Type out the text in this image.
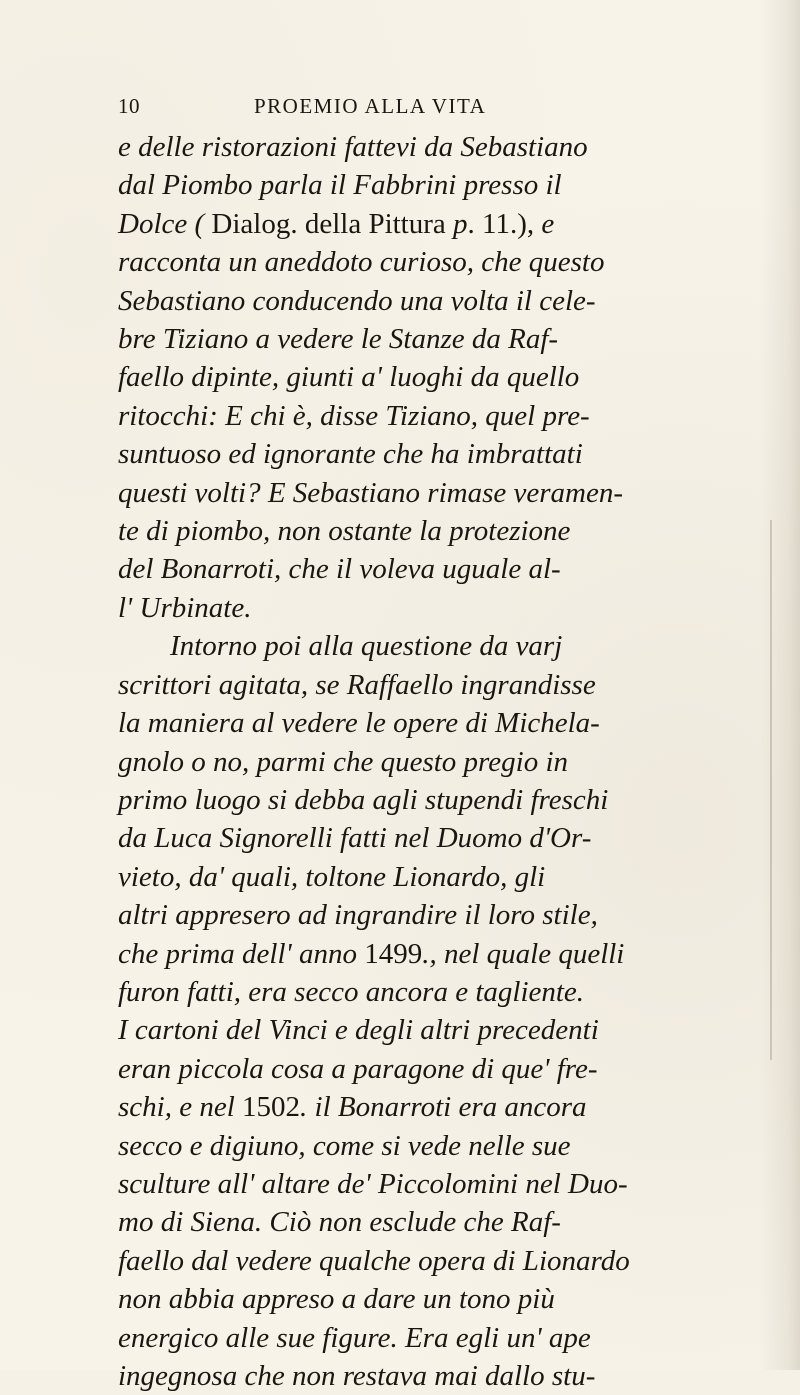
10	PROEMIO ALLA VITA
e delle ristorazioni fattevi da Sebastiano
dal Piombo parla il Fabbrini presso il
Dolce ( Dialog. della Pittura p. 11.), e
racconta un aneddoto curioso, che questo
Sebastiano conducendo una volta il cele-
bre Tiziano a vedere le Stanze da Raf-
faello dipinte, giunti a' luoghi da quello
ritocchi: E chi è, disse Tiziano, quel pre-
suntuoso ed ignorante che ha imbrattati
questi volti? E Sebastiano rimase veramen-
te di piombo, non ostante la protezione
del Bonarroti, che il voleva uguale al-
l' Urbinate.
Intorno poi alla questione da varj
scrittori agitata, se Raffaello ingrandisse
la maniera al vedere le opere di Michela-
gnolo o no, parmi che questo pregio in
primo luogo si debba agli stupendi freschi
da Luca Signorelli fatti nel Duomo d'Or-
vieto, da' quali, toltone Lionardo, gli
altri appresero ad ingrandire il loro stile,
che prima dell' anno 1499., nel quale quelli
furon fatti, era secco ancora e tagliente.
I cartoni del Vinci e degli altri precedenti
eran piccola cosa a paragone di que' fre-
schi, e nel 1502. il Bonarroti era ancora
secco e digiuno, come si vede nelle sue
sculture all' altare de' Piccolomini nel Duo-
mo di Siena. Ciò non esclude che Raf-
faello dal vedere qualche opera di Lionardo
non abbia appreso a dare un tono più
energico alle sue figure. Era egli un' ape
ingegnosa che non restava mai dallo stu-
